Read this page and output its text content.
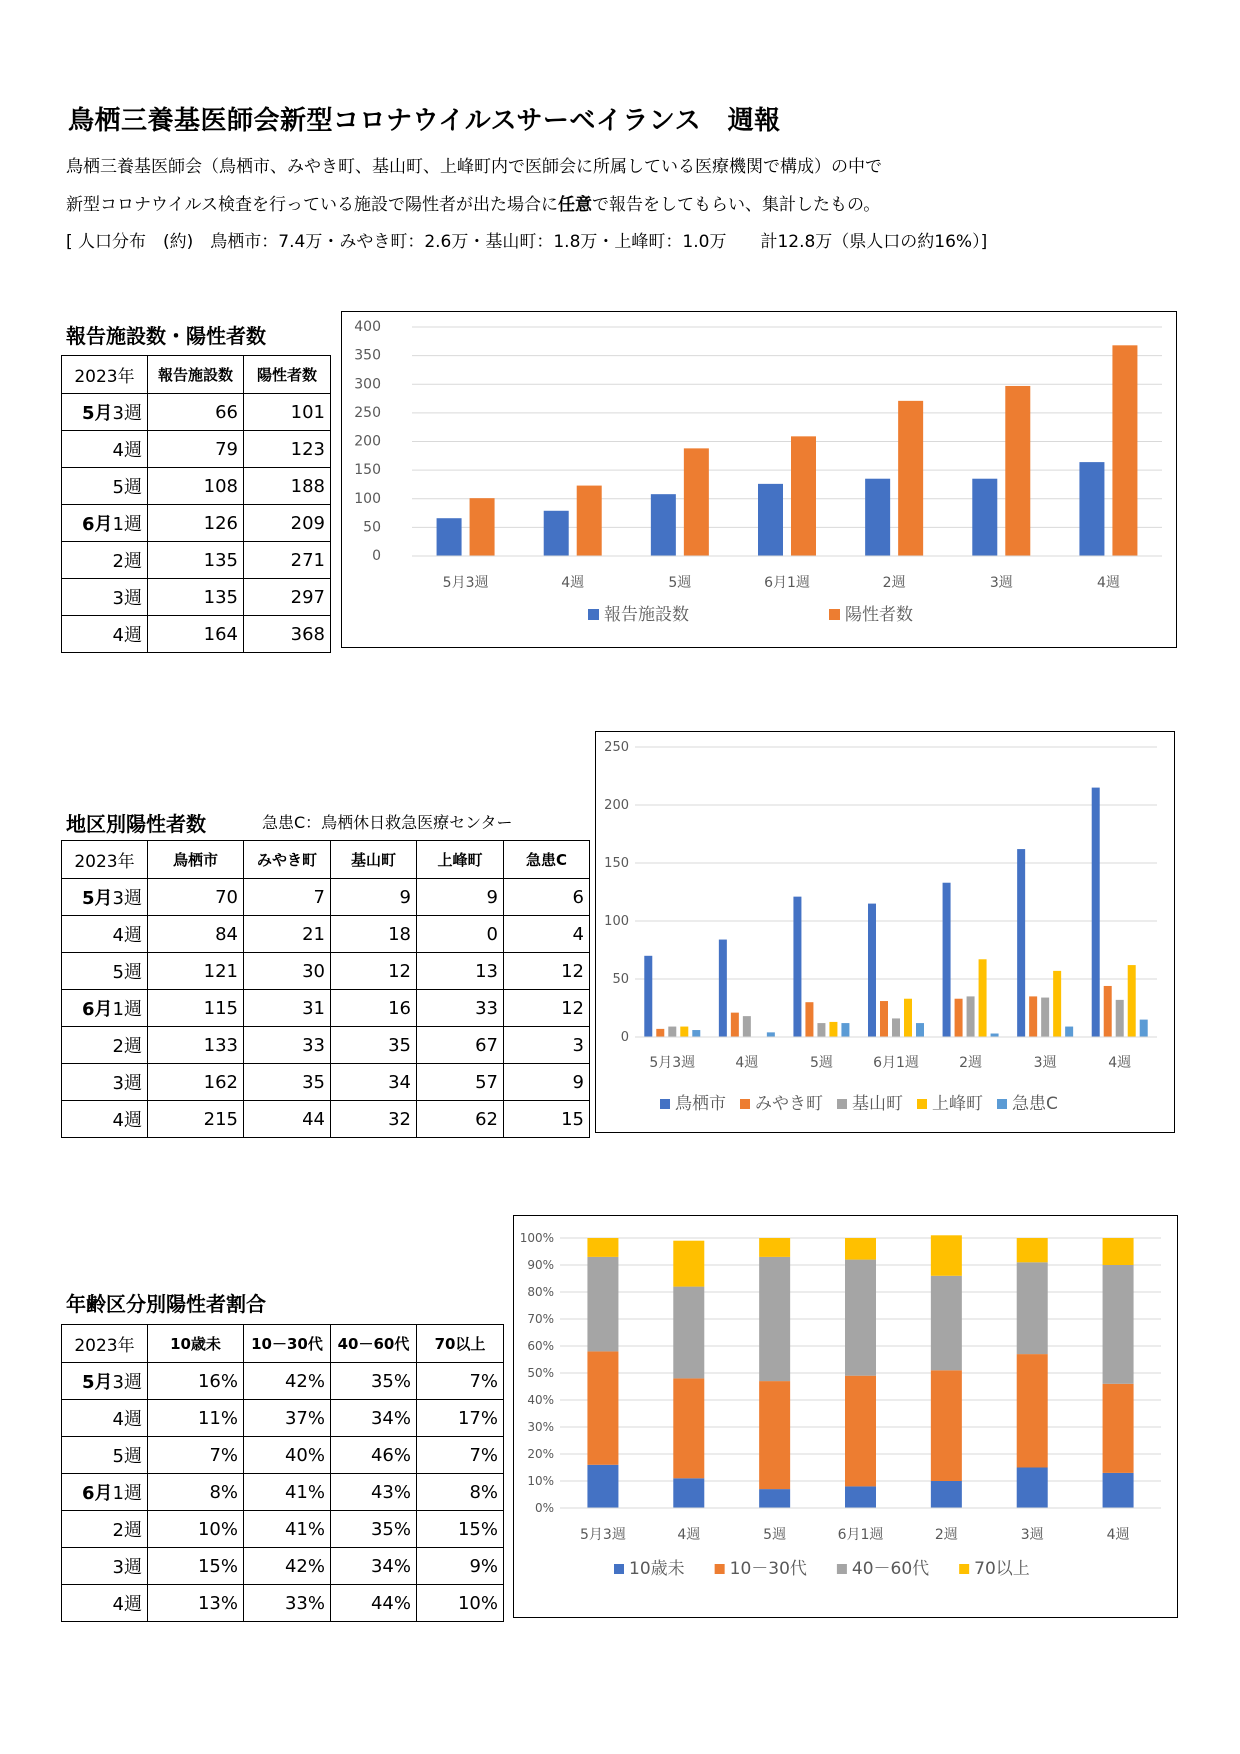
鳥栖三養基医師会新型コロナウイルスサーベイランス　週報
鳥栖三養基医師会（鳥栖市、みやき町、基山町、上峰町内で医師会に所属している医療機関で構成）の中で
新型コロナウイルス検査を行っている施設で陽性者が出た場合に任意で報告をしてもらい、集計したもの。
[ 人口分布　(約)　鳥栖市：7.4万・みやき町：2.6万・基山町：1.8万・上峰町：1.0万　　計12.8万（県人口の約16%）]
報告施設数・陽性者数
地区別陽性者数	急患C：鳥栖休日救急医療センター
年齢区分別陽性者割合
2023年	報告施設数	陽性者数
5月3週	66	101
4週	79	123
5週	108	188
6月1週	126	209
2週	135	271
3週	135	297
4週	164	368
2023年	鳥栖市	みやき町	基山町	上峰町	急患C
5月3週	70	7	9	9	6
4週	84	21	18	0	4
5週	121	30	12	13	12
6月1週	115	31	16	33	12
2週	133	33	35	67	3
3週	162	35	34	57	9
4週	215	44	32	62	15
2023年	10歳未	10－30代	40－60代	70以上
5月3週	16%	42%	35%	7%
4週	11%	37%	34%	17%
5週	7%	40%	46%	7%
6月1週	8%	41%	43%	8%
2週	10%	41%	35%	15%
3週	15%	42%	34%	9%
4週	13%	33%	44%	10%
0
50
100
150
200
250
300
350
400
5月3週	4週	5週	6月1週	2週	3週	4週
報告施設数	陽性者数
0
50
100
150
200
250
5月3週	4週	5週	6月1週	2週	3週	4週
鳥栖市 みやき町 基山町 上峰町 急患C
0%
10%
20%
30%
40%
50%
60%
70%
80%
90%
100%
5月3週	4週	5週	6月1週	2週	3週	4週
10歳未	10－30代	40－60代	70以上
